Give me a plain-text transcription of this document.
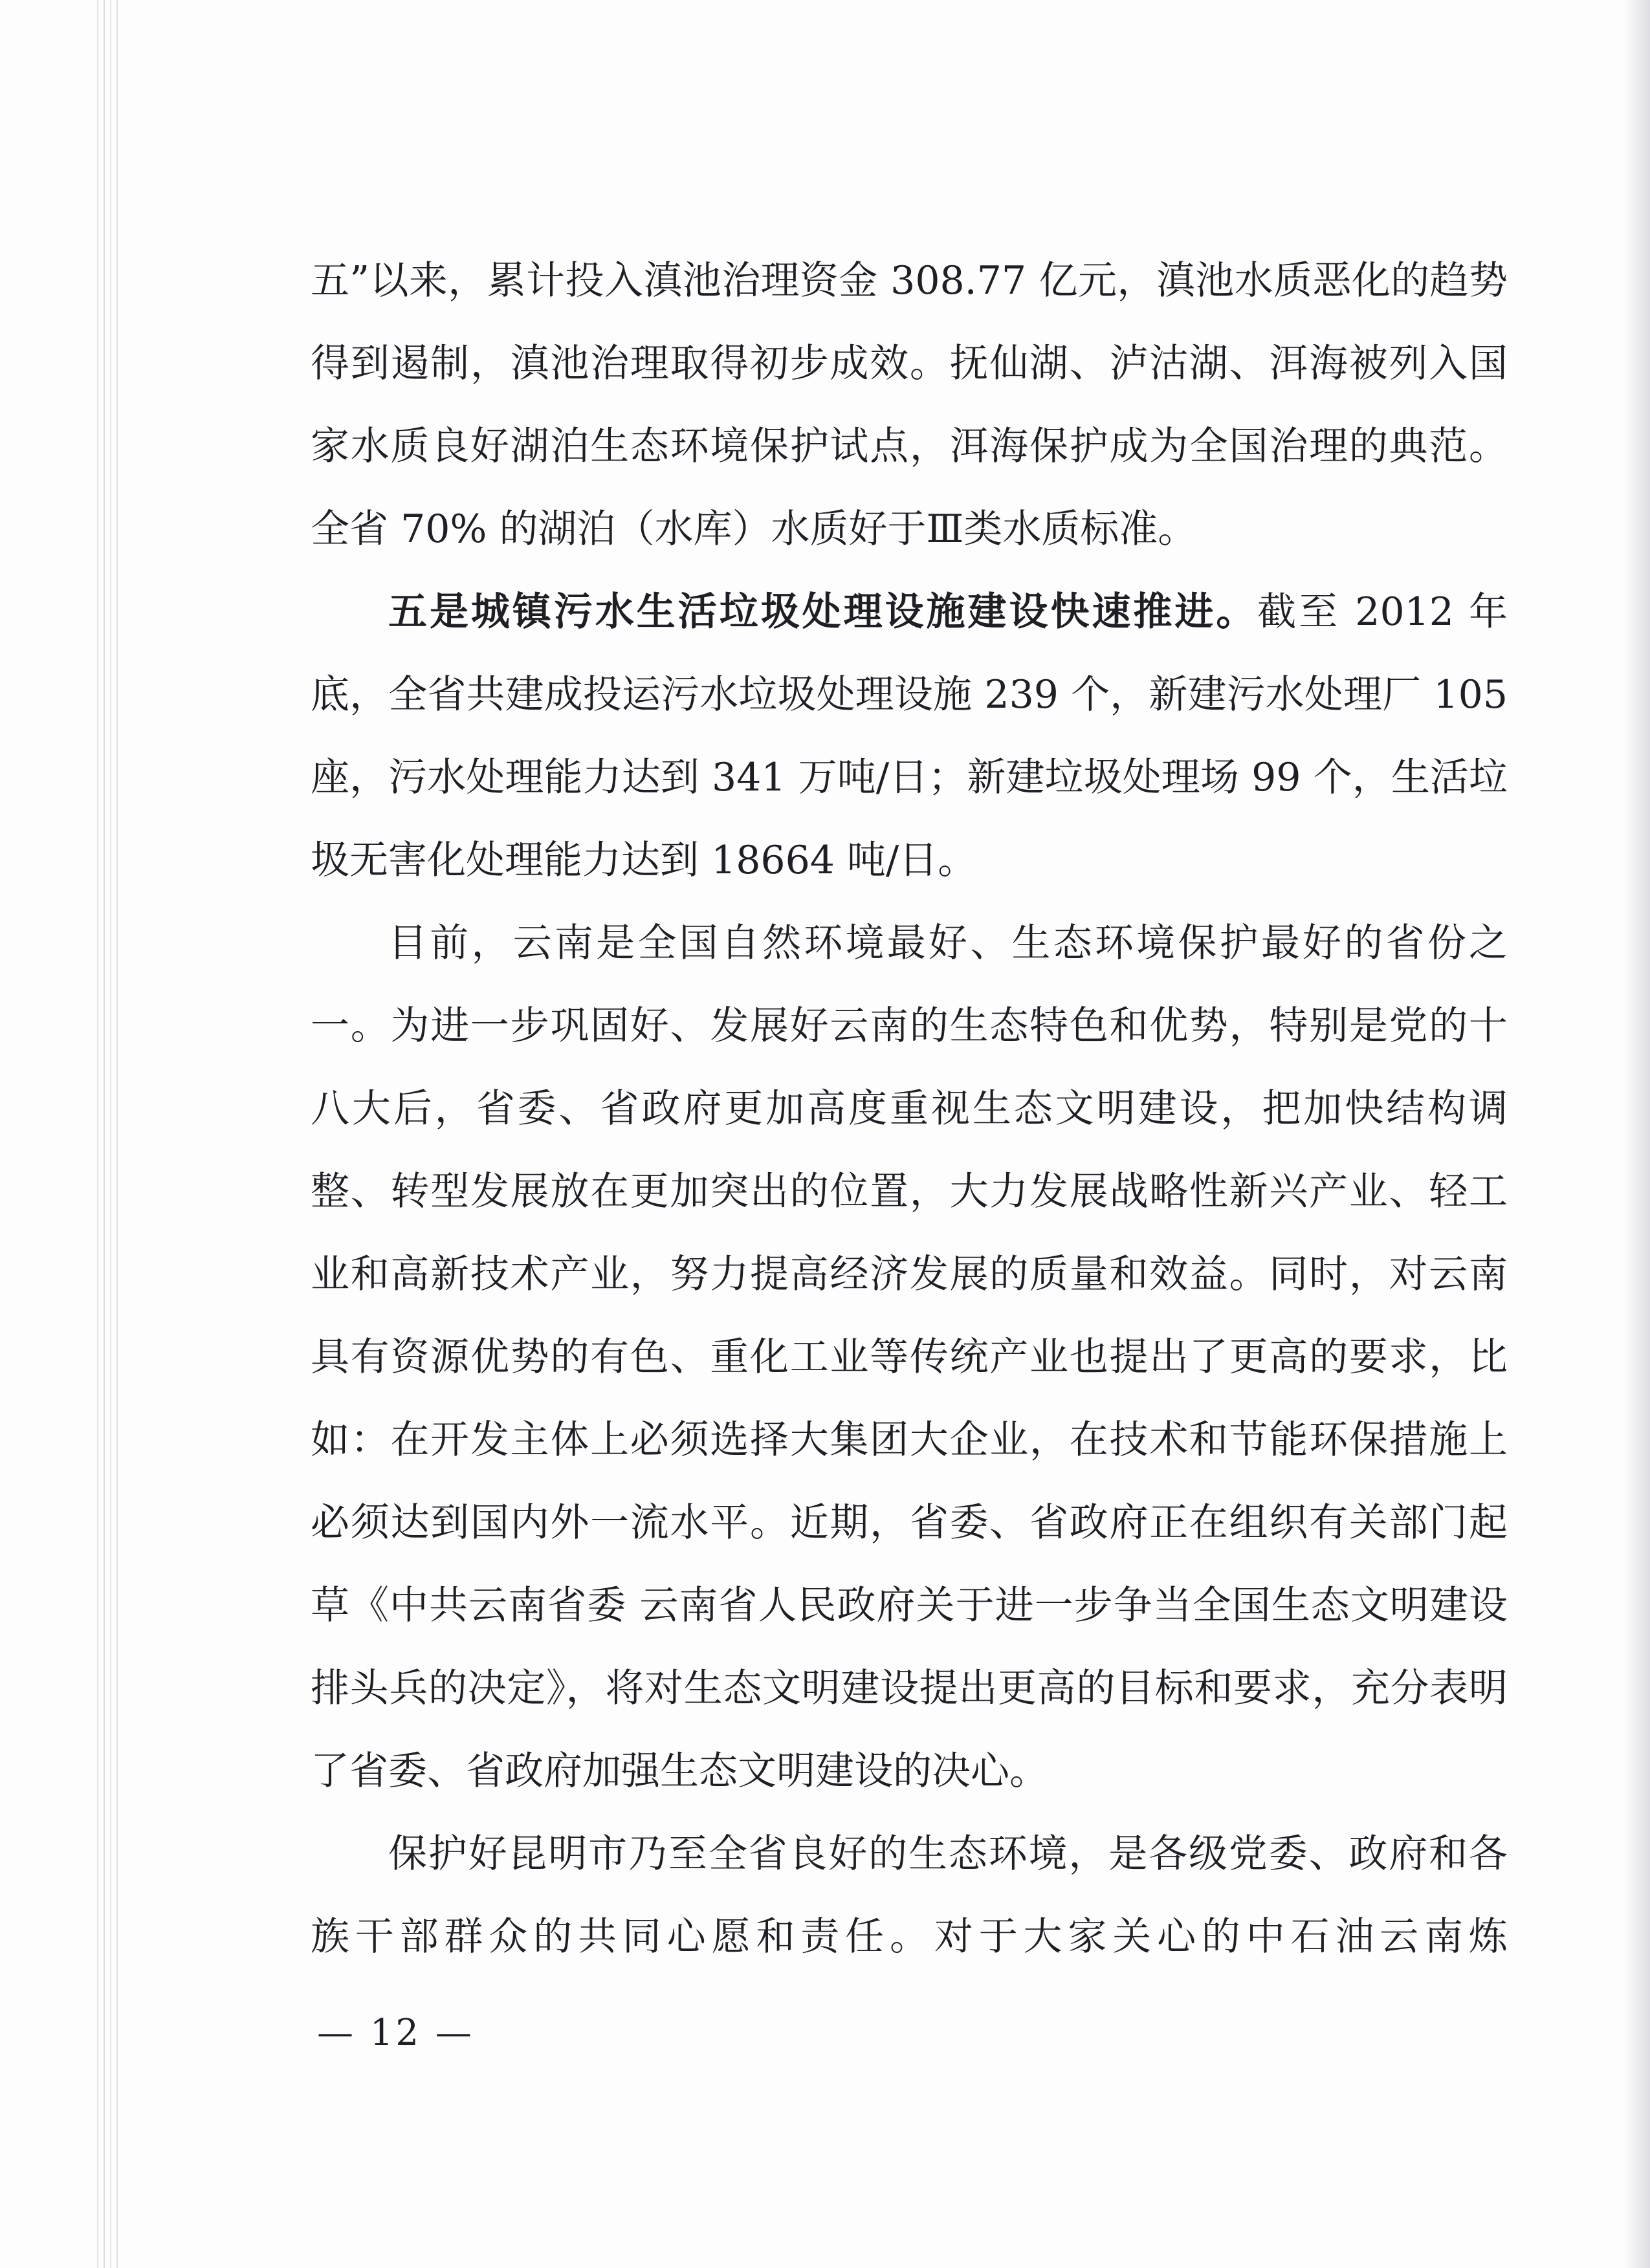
五”以来，累计投入滇池治理资金 308.77 亿元，滇池水质恶化的趋势得到遏制，滇池治理取得初步成效。抚仙湖、泸沽湖、洱海被列入国家水质良好湖泊生态环境保护试点，洱海保护成为全国治理的典范。全省 70% 的湖泊（水库）水质好于Ⅲ类水质标准。

五是城镇污水生活垃圾处理设施建设快速推进。截至 2012 年底，全省共建成投运污水垃圾处理设施 239 个，新建污水处理厂 105 座，污水处理能力达到 341 万吨/日；新建垃圾处理场 99 个，生活垃圾无害化处理能力达到 18664 吨/日。

目前，云南是全国自然环境最好、生态环境保护最好的省份之一。为进一步巩固好、发展好云南的生态特色和优势，特别是党的十八大后，省委、省政府更加高度重视生态文明建设，把加快结构调整、转型发展放在更加突出的位置，大力发展战略性新兴产业、轻工业和高新技术产业，努力提高经济发展的质量和效益。同时，对云南具有资源优势的有色、重化工业等传统产业也提出了更高的要求，比如：在开发主体上必须选择大集团大企业，在技术和节能环保措施上必须达到国内外一流水平。近期，省委、省政府正在组织有关部门起草《中共云南省委 云南省人民政府关于进一步争当全国生态文明建设排头兵的决定》，将对生态文明建设提出更高的目标和要求，充分表明了省委、省政府加强生态文明建设的决心。

保护好昆明市乃至全省良好的生态环境，是各级党委、政府和各族干部群众的共同心愿和责任。对于大家关心的中石油云南炼

— 12 —
